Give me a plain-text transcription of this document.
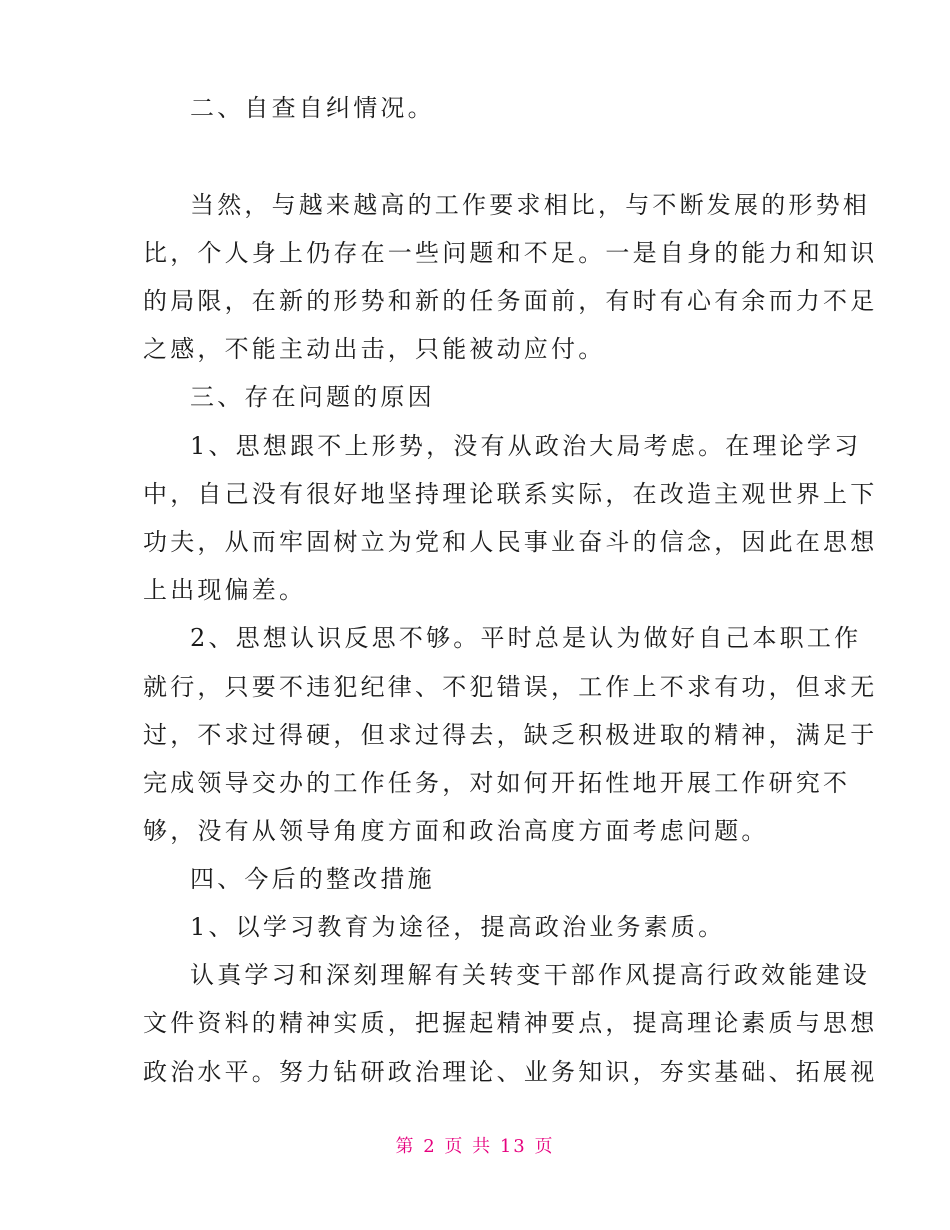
二、自查自纠情况。
当然，与越来越高的工作要求相比，与不断发展的形势相
比，个人身上仍存在一些问题和不足。一是自身的能力和知识
的局限，在新的形势和新的任务面前，有时有心有余而力不足
之感，不能主动出击，只能被动应付。
三、存在问题的原因
1、思想跟不上形势，没有从政治大局考虑。在理论学习
中，自己没有很好地坚持理论联系实际，在改造主观世界上下
功夫，从而牢固树立为党和人民事业奋斗的信念，因此在思想
上出现偏差。
2、思想认识反思不够。平时总是认为做好自己本职工作
就行，只要不违犯纪律、不犯错误，工作上不求有功，但求无
过，不求过得硬，但求过得去，缺乏积极进取的精神，满足于
完成领导交办的工作任务，对如何开拓性地开展工作研究不
够，没有从领导角度方面和政治高度方面考虑问题。
四、今后的整改措施
1、以学习教育为途径，提高政治业务素质。
认真学习和深刻理解有关转变干部作风提高行政效能建设
文件资料的精神实质，把握起精神要点，提高理论素质与思想
政治水平。努力钻研政治理论、业务知识，夯实基础、拓展视
第 2 页 共 13 页
